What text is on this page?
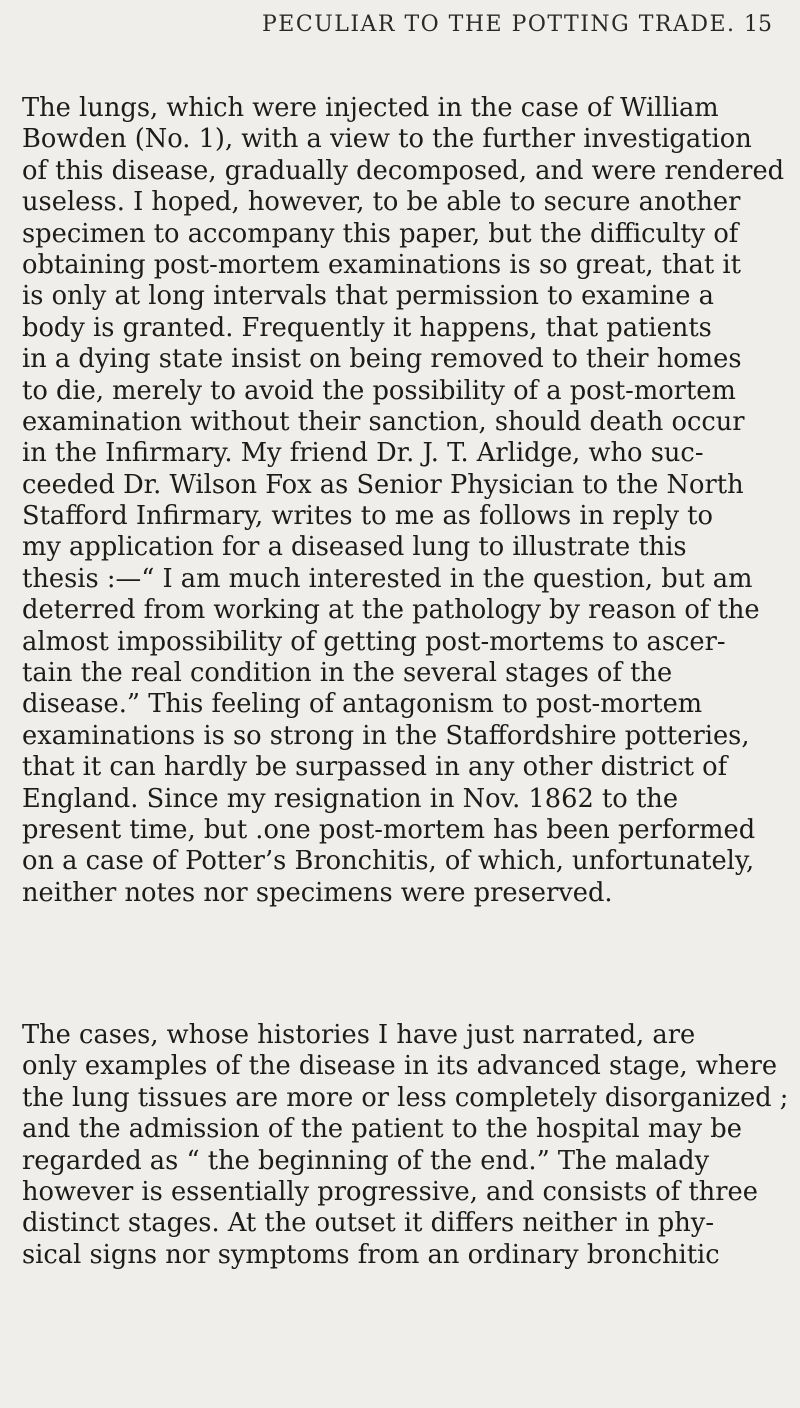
PECULIAR TO THE POTTING TRADE. 15
The lungs, which were injected in the case of William
Bowden (No. 1), with a view to the further investigation
of this disease, gradually decomposed, and were rendered
useless. I hoped, however, to be able to secure another
specimen to accompany this paper, but the difficulty of
obtaining post-mortem examinations is so great, that it
is only at long intervals that permission to examine a
body is granted. Frequently it happens, that patients
in a dying state insist on being removed to their homes
to die, merely to avoid the possibility of a post-mortem
examination without their sanction, should death occur
in the Infirmary. My friend Dr. J. T. Arlidge, who suc-
ceeded Dr. Wilson Fox as Senior Physician to the North
Stafford Infirmary, writes to me as follows in reply to
my application for a diseased lung to illustrate this
thesis :—“ I am much interested in the question, but am
deterred from working at the pathology by reason of the
almost impossibility of getting post-mortems to ascer-
tain the real condition in the several stages of the
disease.” This feeling of antagonism to post-mortem
examinations is so strong in the Staffordshire potteries,
that it can hardly be surpassed in any other district of
England. Since my resignation in Nov. 1862 to the
present time, but .one post-mortem has been performed
on a case of Potter’s Bronchitis, of which, unfortunately,
neither notes nor specimens were preserved.
The cases, whose histories I have just narrated, are
only examples of the disease in its advanced stage, where
the lung tissues are more or less completely disorganized ;
and the admission of the patient to the hospital may be
regarded as “ the beginning of the end.” The malady
however is essentially progressive, and consists of three
distinct stages. At the outset it differs neither in phy-
sical signs nor symptoms from an ordinary bronchitic
